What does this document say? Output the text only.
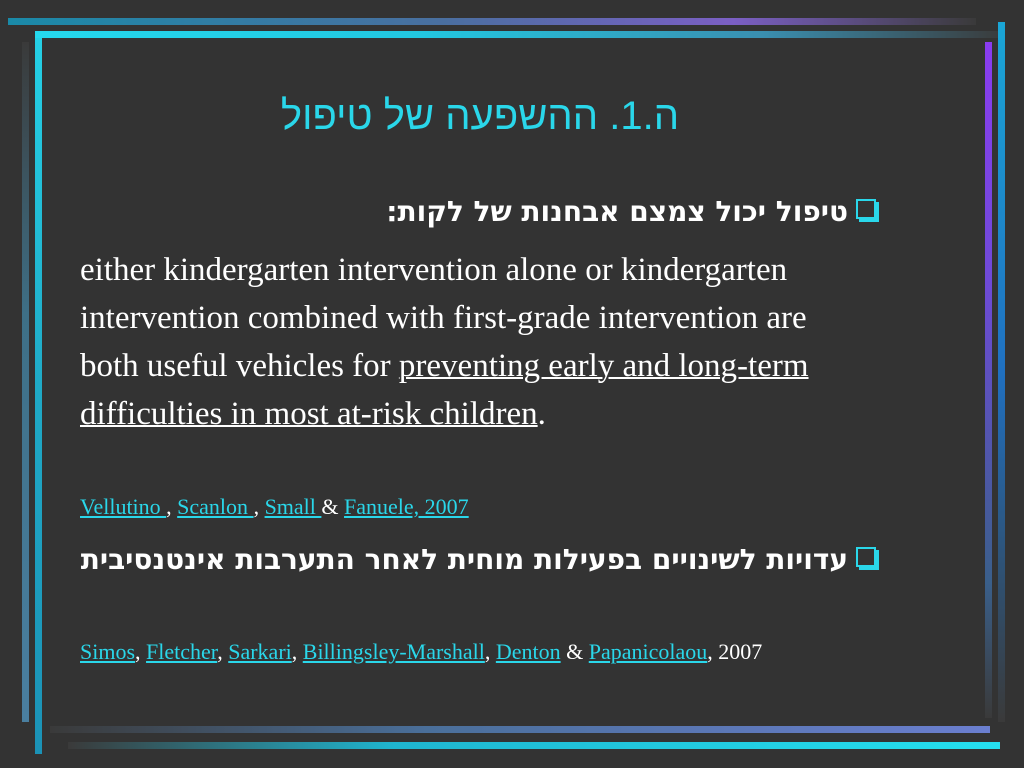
ה.1. ההשפעה של טיפול
טיפול יכול צמצם אבחנות של לקות:
either kindergarten intervention alone or kindergarten intervention combined with first-grade intervention are both useful vehicles for preventing early and long-term difficulties in most at-risk children.
Vellutino , Scanlon , Small & Fanuele, 2007
עדויות לשינויים בפעילות מוחית לאחר התערבות אינטנסיבית
Simos, Fletcher, Sarkari, Billingsley-Marshall, Denton & Papanicolaou, 2007
